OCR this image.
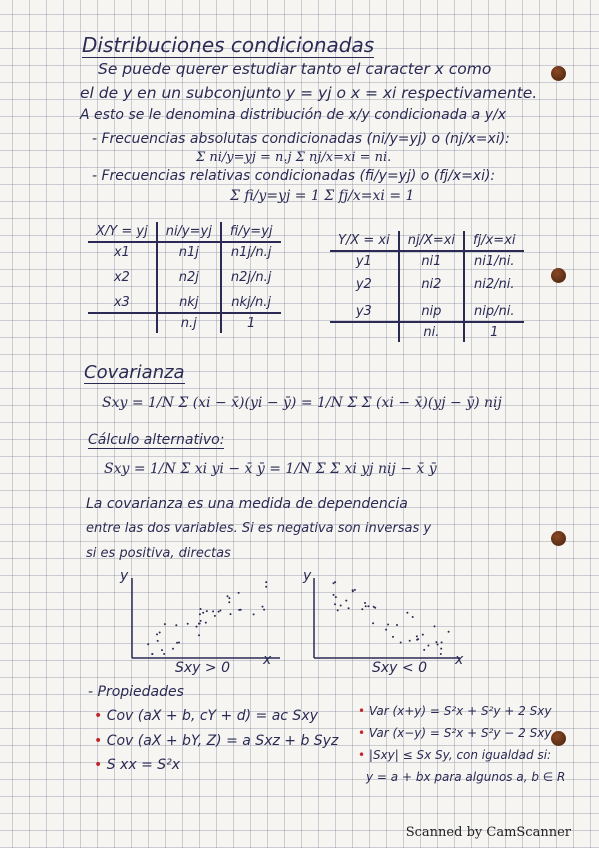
Distribuciones condicionadas
Se puede querer estudiar tanto el caracter x como
el de y en un subconjunto y = yj o x = xi respectivamente.
A esto se le denomina distribución de x/y condicionada a y/x
- Frecuencias absolutas condicionadas (ni/y=yj) o (nj/x=xi):
Σ ni/y=yj = n.j Σ nj/x=xi = ni.
- Frecuencias relativas condicionadas (fi/y=yj) o (fj/x=xi):
Σ fi/y=yj = 1 Σ fj/x=xi = 1
X/Y = yj	ni/y=yj	fi/y=yj
x1	n1j	n1j/n.j
x2	n2j	n2j/n.j
x3	nkj	nkj/n.j
	n.j	1
Y/X = xi	nj/X=xi	fj/x=xi
y1	ni1	ni1/ni.
y2	ni2	ni2/ni.
y3	nip	nip/ni.
	ni.	1
Covarianza
Sxy = 1/N Σ (xi − x̄)(yi − ȳ) = 1/N Σ Σ (xi − x̄)(yj − ȳ) nij
Cálculo alternativo:
Sxy = 1/N Σ xi yi − x̄ ȳ = 1/N Σ Σ xi yj nij − x̄ ȳ
La covarianza es una medida de dependencia
entre las dos variables. Si es negativa son inversas y
si es positiva, directas
y
x
Sxy > 0
y
x
Sxy < 0
- Propiedades
• Cov (aX + b, cY + d) = ac Sxy
• Cov (aX + bY, Z) = a Sxz + b Syz
• S xx = S²x
• Var (x+y) = S²x + S²y + 2 Sxy
• Var (x−y) = S²x + S²y − 2 Sxy
• |Sxy| ≤ Sx Sy, con igualdad si:
y = a + bx para algunos a, b ∈ R
Scanned by CamScanner
